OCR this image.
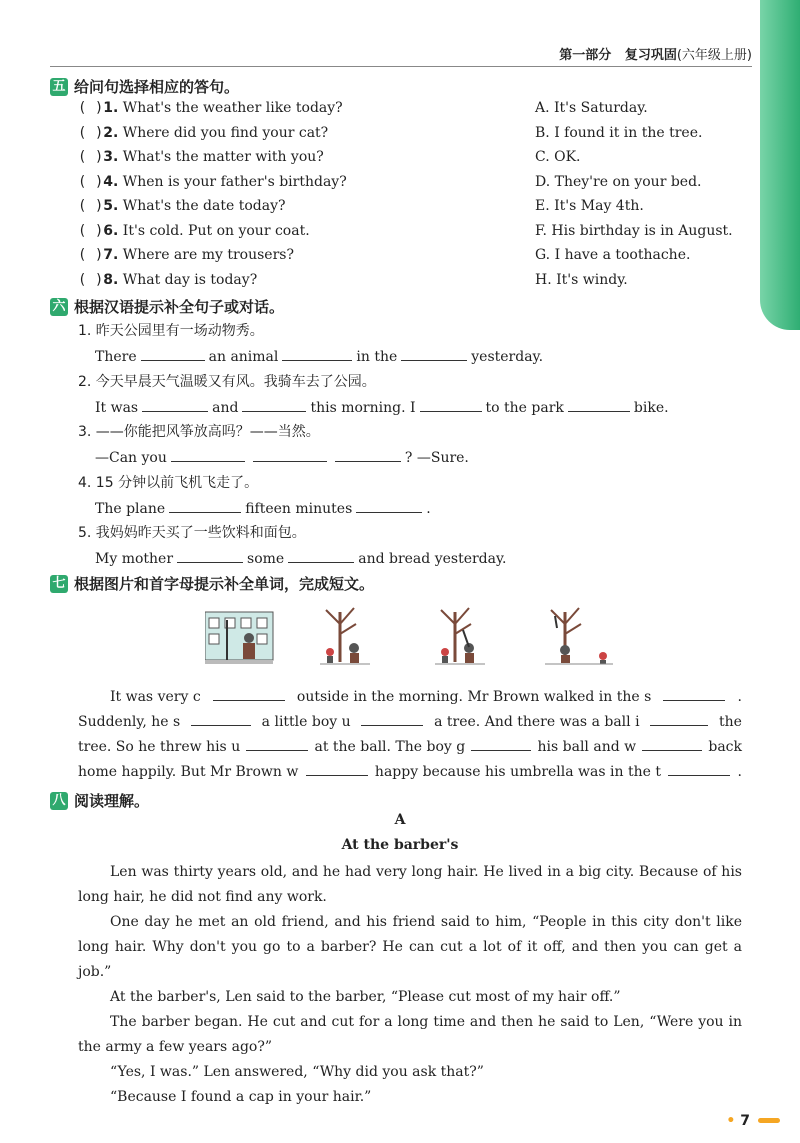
第一部分 复习巩固(六年级上册)
五 给问句选择相应的答句。
( )1. What's the weather like today?	A. It's Saturday.
( )2. Where did you find your cat?	B. I found it in the tree.
( )3. What's the matter with you?	C. OK.
( )4. When is your father's birthday?	D. They're on your bed.
( )5. What's the date today?	E. It's May 4th.
( )6. It's cold. Put on your coat.	F. His birthday is in August.
( )7. Where are my trousers?	G. I have a toothache.
( )8. What day is today?	H. It's windy.
六 根据汉语提示补全句子或对话。
1. 昨天公园里有一场动物秀。
There	an animal	in the	yesterday.
2. 今天早晨天气温暖又有风。我骑车去了公园。
It was	and	this morning. I	to the park	bike.
3. ——你能把风筝放高吗？——当然。
—Can you	? —Sure.
4. 15 分钟以前飞机飞走了。
The plane	fifteen minutes	.
5. 我妈妈昨天买了一些饮料和面包。
My mother	some	and bread yesterday.
七 根据图片和首字母提示补全单词，完成短文。
It was very c	outside in the morning. Mr Brown walked in the s	.
Suddenly, he s	a little boy u	a tree. And there was a ball i	the
tree. So he threw his u	at the ball. The boy g	his ball and w	back
home happily. But Mr Brown w	happy because his umbrella was in the t	.
八 阅读理解。
A
At the barber's
Len was thirty years old, and he had very long hair. He lived in a big city. Because of his long hair, he did not find any work.
One day he met an old friend, and his friend said to him, “People in this city don't like long hair. Why don't you go to a barber? He can cut a lot of it off, and then you can get a job.”
At the barber's, Len said to the barber, “Please cut most of my hair off.”
The barber began. He cut and cut for a long time and then he said to Len, “Were you in the army a few years ago?”
“Yes, I was.” Len answered, “Why did you ask that?”
“Because I found a cap in your hair.”
• 7
